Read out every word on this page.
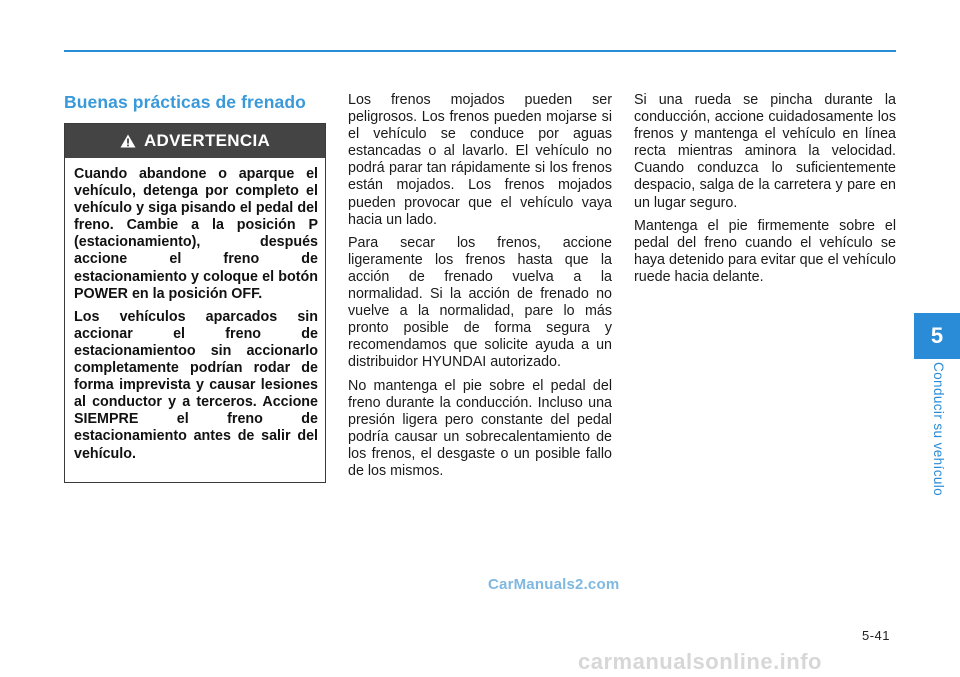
Buenas prácticas de frenado
ADVERTENCIA

Cuando abandone o aparque el vehículo, detenga por completo el vehículo y siga pisando el pedal del freno. Cambie a la posición P (estacionamiento), después accione el freno de estacionamiento y coloque el botón POWER en la posición OFF.

Los vehículos aparcados sin accionar el freno de estacionamientoo sin accionarlo completamente podrían rodar de forma imprevista y causar lesiones al conductor y a terceros. Accione SIEMPRE el freno de estacionamiento antes de salir del vehículo.

Los frenos mojados pueden ser peligrosos. Los frenos pueden mojarse si el vehículo se conduce por aguas estancadas o al lavarlo. El vehículo no podrá parar tan rápidamente si los frenos están mojados. Los frenos mojados pueden provocar que el vehículo vaya hacia un lado.

Para secar los frenos, accione ligeramente los frenos hasta que la acción de frenado vuelva a la normalidad. Si la acción de frenado no vuelve a la normalidad, pare lo más pronto posible de forma segura y recomendamos que solicite ayuda a un distribuidor HYUNDAI autorizado.

No mantenga el pie sobre el pedal del freno durante la conducción. Incluso una presión ligera pero constante del pedal podría causar un sobrecalentamiento de los frenos, el desgaste o un posible fallo de los mismos.

Si una rueda se pincha durante la conducción, accione cuidadosamente los frenos y mantenga el vehículo en línea recta mientras aminora la velocidad. Cuando conduzca lo suficientemente despacio, salga de la carretera y pare en un lugar seguro.

Mantenga el pie firmemente sobre el pedal del freno cuando el vehículo se haya detenido para evitar que el vehículo ruede hacia delante.

5
Conducir su vehículo

CarManuals2.com

5-41

carmanualsonline.info
